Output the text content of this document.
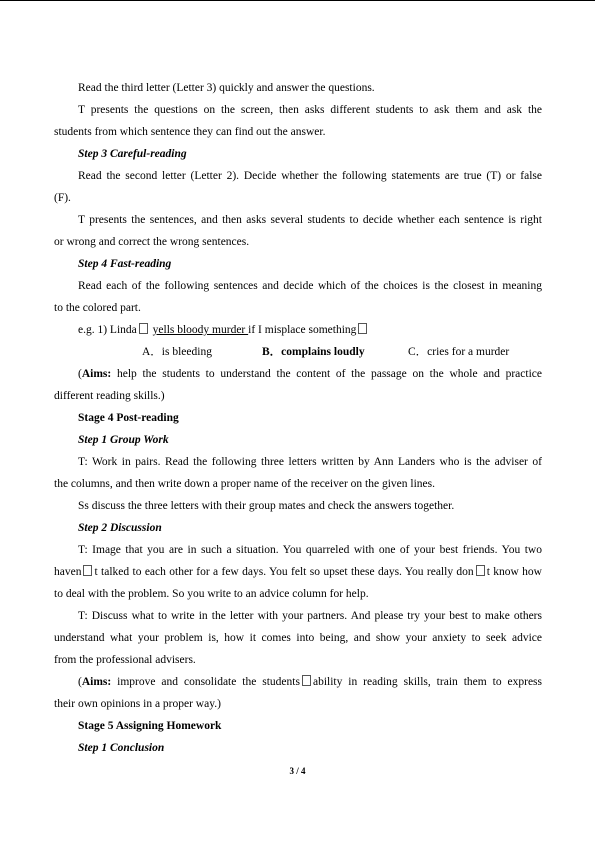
Read the third letter (Letter 3) quickly and answer the questions.
T presents the questions on the screen, then asks different students to ask them and ask the
students from which sentence they can find out the answer.
Step 3 Careful-reading
Read the second letter (Letter 2). Decide whether the following statements are true (T) or false
(F).
T presents the sentences, and then asks several students to decide whether each sentence is right
or wrong and correct the wrong sentences.
Step 4 Fast-reading
Read each of the following sentences and decide which of the choices is the closest in meaning
to the colored part.
e.g. 1) Linda yells bloody murder if I misplace something
A．is bleeding	B．complains loudly	C．cries for a murder
(Aims: help the students to understand the content of the passage on the whole and practice
different reading skills.)
Stage 4 Post-reading
Step 1 Group Work
T: Work in pairs. Read the following three letters written by Ann Landers who is the adviser of
the columns, and then write down a proper name of the receiver on the given lines.
Ss discuss the three letters with their group mates and check the answers together.
Step 2 Discussion
T: Image that you are in such a situation. You quarreled with one of your best friends. You two
haven t talked to each other for a few days. You felt so upset these days. You really don t know how
to deal with the problem. So you write to an advice column for help.
T: Discuss what to write in the letter with your partners. And please try your best to make others
understand what your problem is, how it comes into being, and show your anxiety to seek advice
from the professional advisers.
(Aims: improve and consolidate the students ability in reading skills, train them to express
their own opinions in a proper way.)
Stage 5 Assigning Homework
Step 1 Conclusion
3 / 4
